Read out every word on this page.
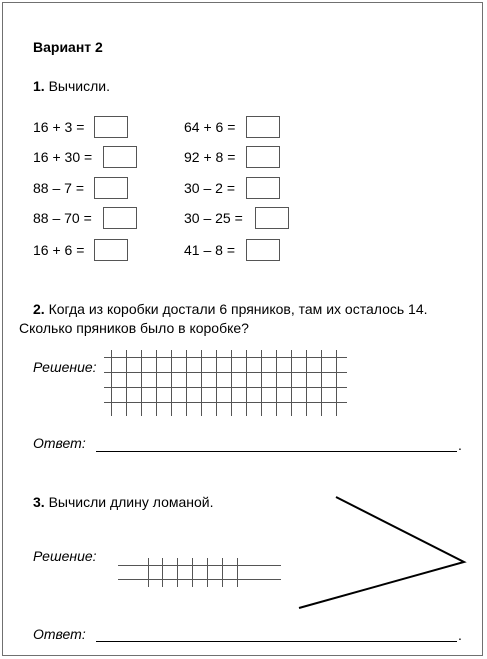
Вариант 2
1. Вычисли.
16 + 3 =
16 + 30 =
88 – 7 =
88 – 70 =
16 + 6 =
64 + 6 =
92 + 8 =
30 – 2 =
30 – 25 =
41 – 8 =
2. Когда из коробки достали 6 пряников, там их осталось 14.
Сколько пряников было в коробке?
Решение:
Ответ:	.
3. Вычисли длину ломаной.
Решение:
Ответ:	.
